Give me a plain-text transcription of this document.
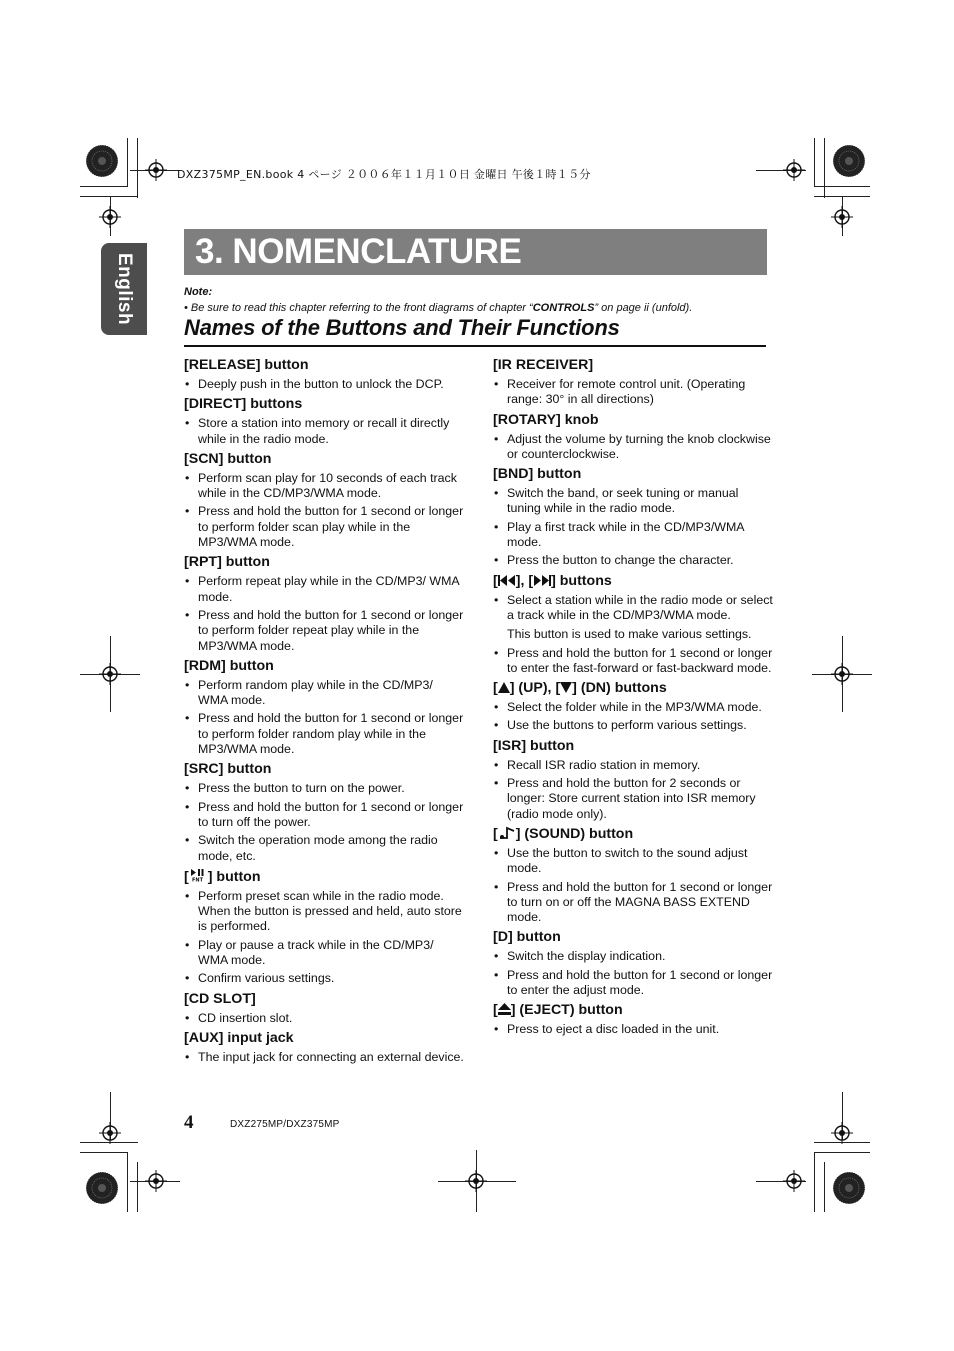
DXZ375MP_EN.book 4 ページ ２００６年１１月１０日 金曜日 午後１時１５分
English
3. NOMENCLATURE
Note:
• Be sure to read this chapter referring to the front diagrams of chapter “CONTROLS” on page ii (unfold).
Names of the Buttons and Their Functions
[RELEASE] button
• Deeply push in the button to unlock the DCP.
[DIRECT] buttons
• Store a station into memory or recall it directly while in the radio mode.
[SCN] button
• Perform scan play for 10 seconds of each track while in the CD/MP3/WMA mode.
• Press and hold the button for 1 second or longer to perform folder scan play while in the MP3/WMA mode.
[RPT] button
• Perform repeat play while in the CD/MP3/ WMA mode.
• Press and hold the button for 1 second or longer to perform folder repeat play while in the MP3/WMA mode.
[RDM] button
• Perform random play while in the CD/MP3/ WMA mode.
• Press and hold the button for 1 second or longer to perform folder random play while in the MP3/WMA mode.
[SRC] button
• Press the button to turn on the power.
• Press and hold the button for 1 second or longer to turn off the power.
• Switch the operation mode among the radio mode, etc.
[ FNT ] button
• Perform preset scan while in the radio mode. When the button is pressed and held, auto store is performed.
• Play or pause a track while in the CD/MP3/ WMA mode.
• Confirm various settings.
[CD SLOT]
• CD insertion slot.
[AUX] input jack
• The input jack for connecting an external device.
[IR RECEIVER]
• Receiver for remote control unit. (Operating range: 30° in all directions)
[ROTARY] knob
• Adjust the volume by turning the knob clockwise or counterclockwise.
[BND] button
• Switch the band, or seek tuning or manual tuning while in the radio mode.
• Play a first track while in the CD/MP3/WMA mode.
• Press the button to change the character.
[ ], [ ] buttons
• Select a station while in the radio mode or select a track while in the CD/MP3/WMA mode.

This button is used to make various settings.

• Press and hold the button for 1 second or longer to enter the fast-forward or fast-backward mode.
[ ] (UP), [ ] (DN) buttons
• Select the folder while in the MP3/WMA mode.
• Use the buttons to perform various settings.
[ISR] button
• Recall ISR radio station in memory.
• Press and hold the button for 2 seconds or longer: Store current station into ISR memory (radio mode only).
[ ] (SOUND) button
• Use the button to switch to the sound adjust mode.
• Press and hold the button for 1 second or longer to turn on or off the MAGNA BASS EXTEND mode.
[D] button
• Switch the display indication.
• Press and hold the button for 1 second or longer to enter the adjust mode.
[ ] (EJECT) button
• Press to eject a disc loaded in the unit.
4	DXZ275MP/DXZ375MP
